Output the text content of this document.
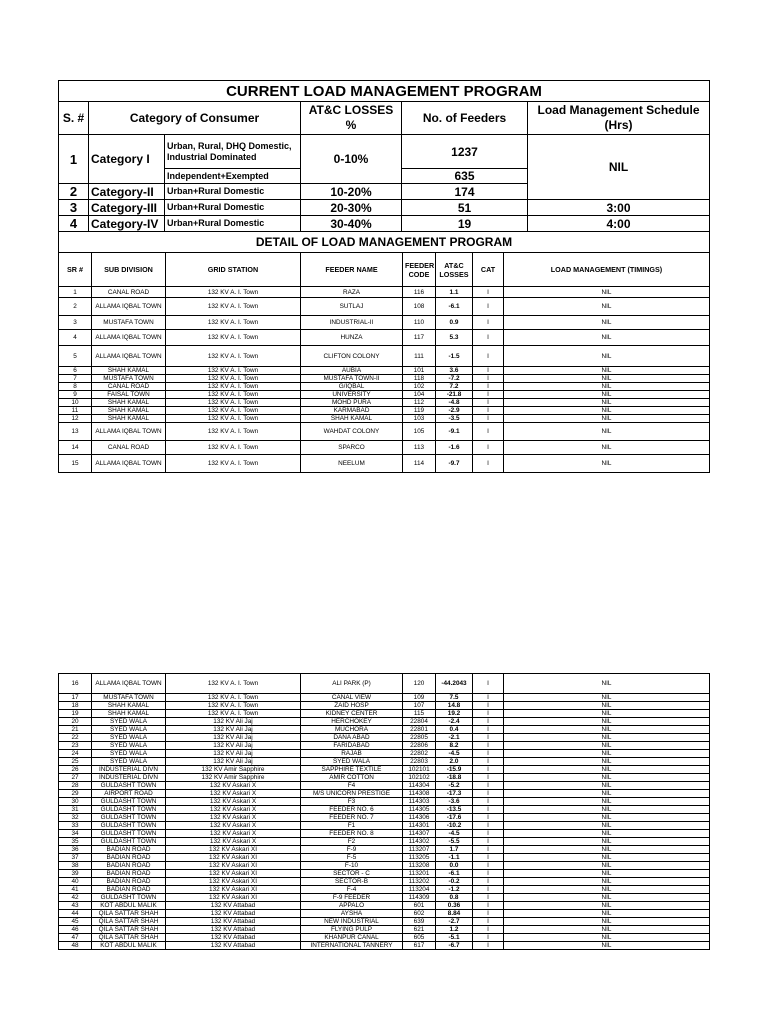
CURRENT LOAD MANAGEMENT PROGRAM					
S. #	Category of Consumer		AT&C LOSSES %	No. of Feeders	Load Management Schedule (Hrs)
1	Category I	Urban, Rural, DHQ Domestic, Industrial Dominated	0-10%	1237	NIL
		Independent+Exempted		635	
2	Category-II	Urban+Rural Domestic	10-20%	174	
3	Category-III	Urban+Rural Domestic	20-30%	51	3:00
4	Category-IV	Urban+Rural Domestic	30-40%	19	4:00
DETAIL OF LOAD MANAGEMENT PROGRAM					
SR #	SUB DIVISION	GRID STATION	FEEDER NAME	FEEDER CODE	AT&C LOSSES	CAT	LOAD MANAGEMENT (TIMINGS)
1	CANAL ROAD	132 KV A. I. Town	RAZA	116	1.1	I	NIL
2	ALLAMA IQBAL TOWN	132 KV A. I. Town	SUTLAJ	108	-6.1	I	NIL
3	MUSTAFA TOWN	132 KV A. I. Town	INDUSTRIAL-II	110	0.9	I	NIL
4	ALLAMA IQBAL TOWN	132 KV A. I. Town	HUNZA	117	5.3	I	NIL
5	ALLAMA IQBAL TOWN	132 KV A. I. Town	CLIFTON COLONY	111	-1.5	I	NIL
6	SHAH KAMAL	132 KV A. I. Town	AUBIA	101	3.6	I	NIL
7	MUSTAFA TOWN	132 KV A. I. Town	MUSTAFA TOWN-II	118	-7.2	I	NIL
8	CANAL ROAD	132 KV A. I. Town	G/IQBAL	102	7.2	I	NIL
9	FAISAL TOWN	132 KV A. I. Town	UNIVERSITY	104	-21.8	I	NIL
10	SHAH KAMAL	132 KV A. I. Town	MOHD PURA	112	-4.8	I	NIL
11	SHAH KAMAL	132 KV A. I. Town	KARMABAD	119	-2.9	I	NIL
12	SHAH KAMAL	132 KV A. I. Town	SHAH KAMAL	103	-3.5	I	NIL
13	ALLAMA IQBAL TOWN	132 KV A. I. Town	WAHDAT COLONY	105	-9.1	I	NIL
14	CANAL ROAD	132 KV A. I. Town	SPARCO	113	-1.6	I	NIL
15	ALLAMA IQBAL TOWN	132 KV A. I. Town	NEELUM	114	-9.7	I	NIL
16	ALLAMA IQBAL TOWN	132 KV A. I. Town	ALI PARK (P)	120	-44.2043	I	NIL
17	MUSTAFA TOWN	132 KV A. I. Town	CANAL VIEW	109	7.5	I	NIL
18	SHAH KAMAL	132 KV A. I. Town	ZAID HOSP	107	14.8	I	NIL
19	SHAH KAMAL	132 KV A. I. Town	KIDNEY CENTER	115	19.2	I	NIL
20	SYED WALA	132 KV Ali Jaj	HERCHOKEY	22804	-2.4	I	NIL
21	SYED WALA	132 KV Ali Jaj	MUCHORA	22801	0.4	I	NIL
22	SYED WALA	132 KV Ali Jaj	DANA ABAD	22805	-2.1	I	NIL
23	SYED WALA	132 KV Ali Jaj	FARIDABAD	22806	8.2	I	NIL
24	SYED WALA	132 KV Ali Jaj	RAJAB	22802	-4.5	I	NIL
25	SYED WALA	132 KV Ali Jaj	SYED WALA	22803	2.0	I	NIL
26	INDUSTERIAL DIVN	132 KV Amir Sapphire	SAPPHIRE TEXTILE	102101	-15.9	I	NIL
27	INDUSTERIAL DIVN	132 KV Amir Sapphire	AMIR COTTON	102102	-18.8	I	NIL
28	GULDASHT TOWN	132 KV Askari X	F4	114304	-5.2	I	NIL
29	AIRPORT ROAD	132 KV Askari X	M/S UNICORN PRESTIGE	114308	-17.3	I	NIL
30	GULDASHT TOWN	132 KV Askari X	F3	114303	-3.6	I	NIL
31	GULDASHT TOWN	132 KV Askari X	FEEDER NO. 6	114305	-13.5	I	NIL
32	GULDASHT TOWN	132 KV Askari X	FEEDER NO. 7	114306	-17.6	I	NIL
33	GULDASHT TOWN	132 KV Askari X	F1	114301	-10.2	I	NIL
34	GULDASHT TOWN	132 KV Askari X	FEEDER NO. 8	114307	-4.5	I	NIL
35	GULDASHT TOWN	132 KV Askari X	F2	114302	-5.5	I	NIL
36	BADIAN ROAD	132 KV Askari XI	F-9	113207	1.7	I	NIL
37	BADIAN ROAD	132 KV Askari XI	F-5	113205	-1.1	I	NIL
38	BADIAN ROAD	132 KV Askari XI	F-10	113208	0.0	I	NIL
39	BADIAN ROAD	132 KV Askari XI	SECTOR - C	113201	-6.1	I	NIL
40	BADIAN ROAD	132 KV Askari XI	SECTOR-B	113202	-0.2	I	NIL
41	BADIAN ROAD	132 KV Askari XI	F-4	113204	-1.2	I	NIL
42	GULDASHT TOWN	132 KV Askari XI	F-9 FEEDER	114309	0.8	I	NIL
43	KOT ABDUL MALIK	132 KV Attabad	APPALO	601	0.36	I	NIL
44	QILA SATTAR SHAH	132 KV Attabad	AYSHA	602	8.84	I	NIL
45	QILA SATTAR SHAH	132 KV Attabad	NEW INDUSTRIAL	639	-2.7	I	NIL
46	QILA SATTAR SHAH	132 KV Attabad	FLYING PULP	621	1.2	I	NIL
47	QILA SATTAR SHAH	132 KV Attabad	KHANPUR CANAL	605	-5.1	I	NIL
48	KOT ABDUL MALIK	132 KV Attabad	INTERNATIONAL TANNERY	617	-6.7	I	NIL
